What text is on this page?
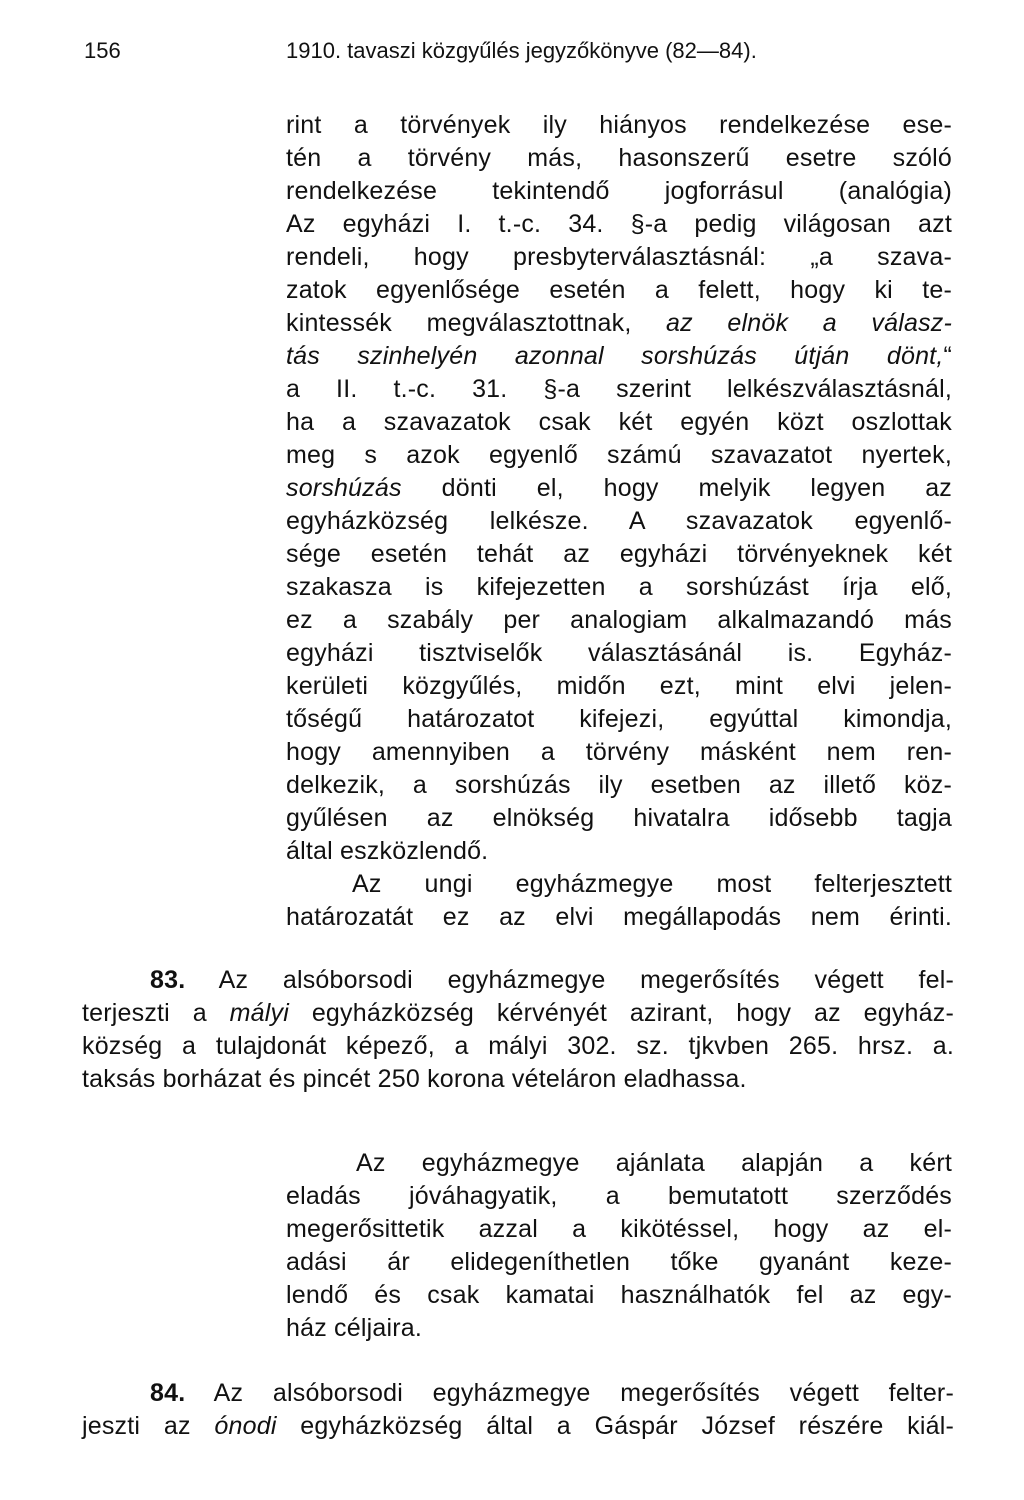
156	1910. tavaszi közgyűlés jegyzőkönyve (82—84).
rint a törvények ily hiányos rendelkezése ese-
tén a törvény más, hasonszerű esetre szóló
rendelkezése tekintendő jogforrásul (analógia)
Az egyházi I. t.-c. 34. §-a pedig világosan azt
rendeli, hogy presbyterválasztásnál: „a szava-
zatok egyenlősége esetén a felett, hogy ki te-
kintessék megválasztottnak, az elnök a válasz-
tás szinhelyén azonnal sorshúzás útján dönt,“
a II. t.-c. 31. §-a szerint lelkészválasztásnál,
ha a szavazatok csak két egyén közt oszlottak
meg s azok egyenlő számú szavazatot nyertek,
sorshúzás dönti el, hogy melyik legyen az
egyházközség lelkésze. A szavazatok egyenlő-
sége esetén tehát az egyházi törvényeknek két
szakasza is kifejezetten a sorshúzást írja elő,
ez a szabály per analogiam alkalmazandó más
egyházi tisztviselők választásánál is. Egyház-
kerületi közgyűlés, midőn ezt, mint elvi jelen-
tőségű határozatot kifejezi, egyúttal kimondja,
hogy amennyiben a törvény másként nem ren-
delkezik, a sorshúzás ily esetben az illető köz-
gyűlésen az elnökség hivatalra idősebb tagja
által eszközlendő.
Az ungi egyházmegye most felterjesztett
határozatát ez az elvi megállapodás nem érinti.
83. Az alsóborsodi egyházmegye megerősítés végett fel-
terjeszti a mályi egyházközség kérvényét azirant, hogy az egyház-
község a tulajdonát képező, a mályi 302. sz. tjkvben 265. hrsz. a.
taksás borházat és pincét 250 korona vételáron eladhassa.
Az egyházmegye ajánlata alapján a kért
eladás jóváhagyatik, a bemutatott szerződés
megerősittetik azzal a kikötéssel, hogy az el-
adási ár elidegeníthetlen tőke gyanánt keze-
lendő és csak kamatai használhatók fel az egy-
ház céljaira.
84. Az alsóborsodi egyházmegye megerősítés végett felter-
jeszti az ónodi egyházközség által a Gáspár József részére kiál-
